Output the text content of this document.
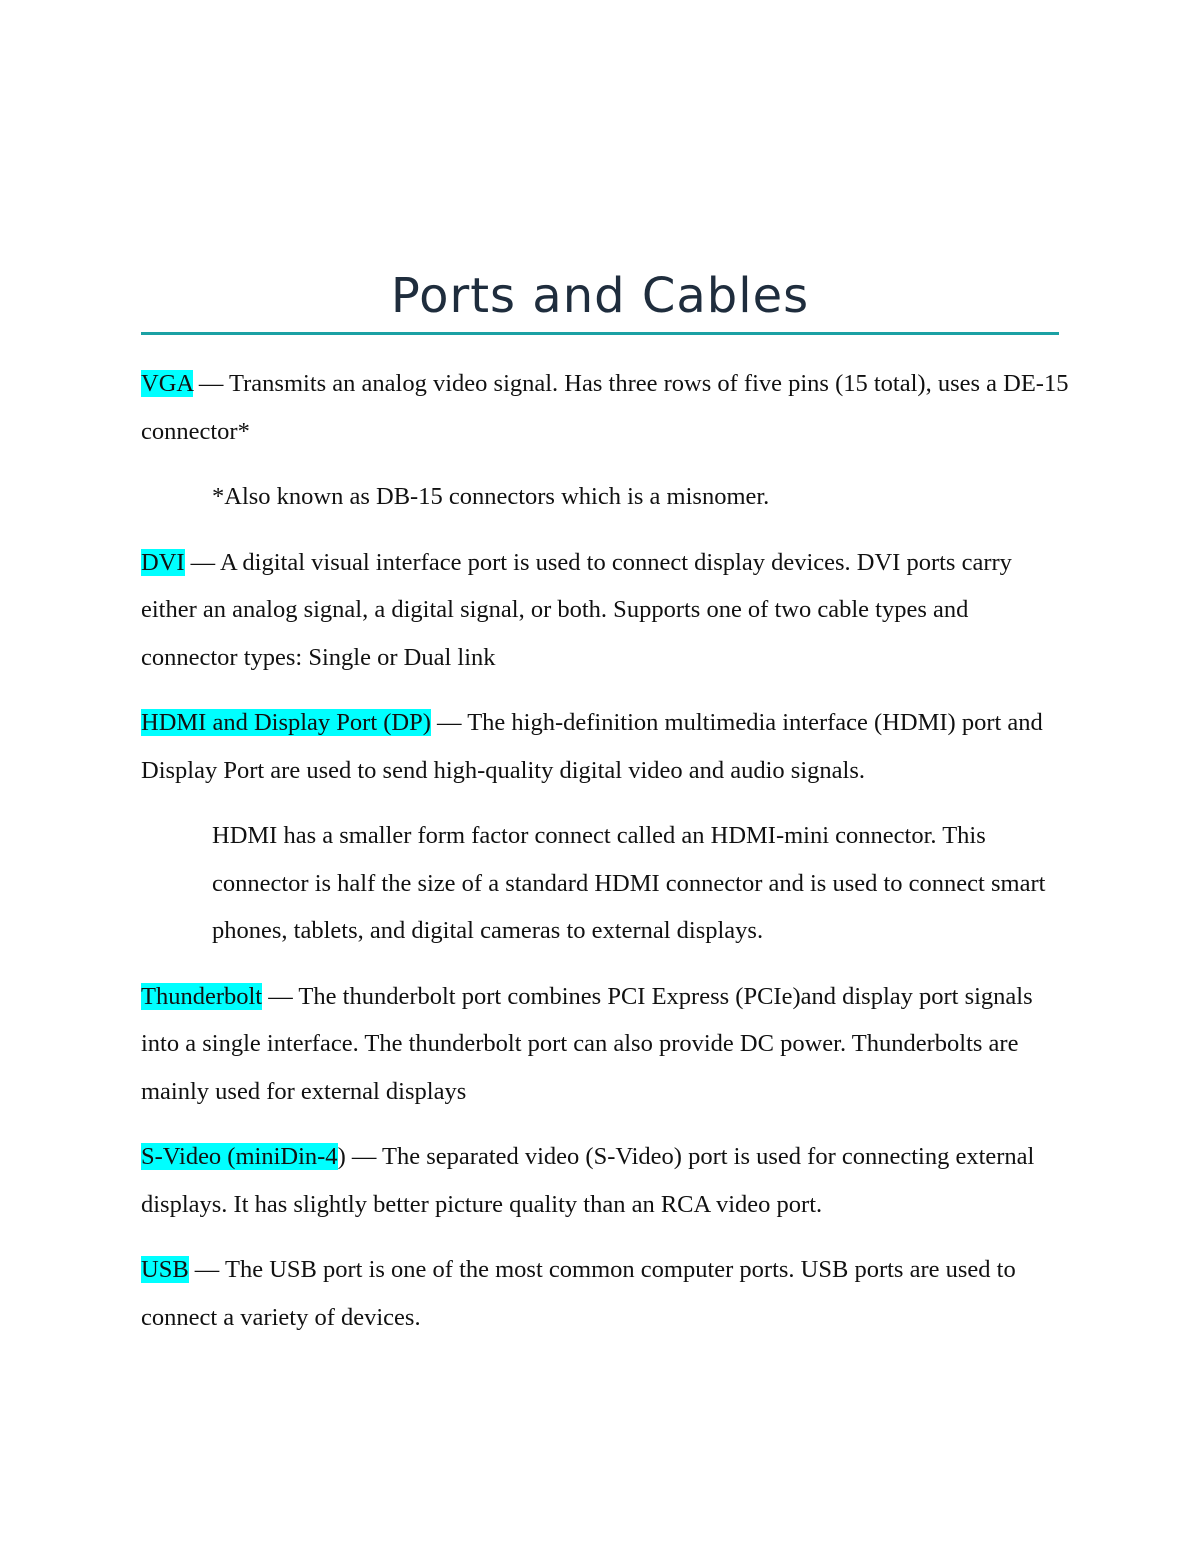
Ports and Cables

VGA — Transmits an analog video signal. Has three rows of five pins (15 total), uses a DE-15 connector*

*Also known as DB-15 connectors which is a misnomer.

DVI — A digital visual interface port is used to connect display devices. DVI ports carry either an analog signal, a digital signal, or both. Supports one of two cable types and connector types: Single or Dual link

HDMI and Display Port (DP) — The high-definition multimedia interface (HDMI) port and Display Port are used to send high-quality digital video and audio signals.

HDMI has a smaller form factor connect called an HDMI-mini connector. This connector is half the size of a standard HDMI connector and is used to connect smart phones, tablets, and digital cameras to external displays.

Thunderbolt — The thunderbolt port combines PCI Express (PCIe)and display port signals into a single interface. The thunderbolt port can also provide DC power. Thunderbolts are mainly used for external displays

S-Video (miniDin-4) — The separated video (S-Video) port is used for connecting external displays. It has slightly better picture quality than an RCA video port.

USB — The USB port is one of the most common computer ports. USB ports are used to connect a variety of devices.
